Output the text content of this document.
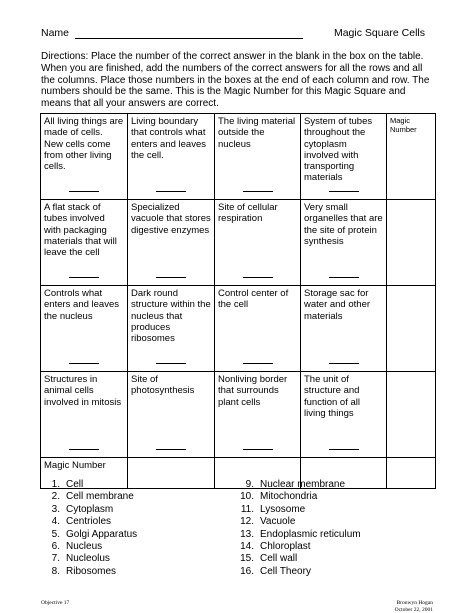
Name	Magic Square Cells

Directions: Place the number of the correct answer in the blank in the box on the table. When you are finished, add the numbers of the correct answers for all the rows and all the columns. Place those numbers in the boxes at the end of each column and row. The numbers should be the same. This is the Magic Number for this Magic Square and means that all your answers are correct.

All living things are made of cells. New cells come from other living cells.	Living boundary that controls what enters and leaves the cell.	The living material outside the nucleus	System of tubes throughout the cytoplasm involved with transporting materials	Magic Number

A flat stack of tubes involved with packaging materials that will leave the cell	Specialized vacuole that stores digestive enzymes	Site of cellular respiration	Very small organelles that are the site of protein synthesis	

Controls what enters and leaves the nucleus	Dark round structure within the nucleus that produces ribosomes	Control center of the cell	Storage sac for water and other materials	

Structures in animal cells involved in mitosis	Site of photosynthesis	Nonliving border that surrounds plant cells	The unit of structure and function of all living things	

Magic Number				

1. Cell
2. Cell membrane
3. Cytoplasm
4. Centrioles
5. Golgi Apparatus
6. Nucleus
7. Nucleolus
8. Ribosomes
9. Nuclear membrane
10. Mitochondria
11. Lysosome
12. Vacuole
13. Endoplasmic reticulum
14. Chloroplast
15. Cell wall
16. Cell Theory
Objective 17	Bronwyn Hogan
October 22, 2001
